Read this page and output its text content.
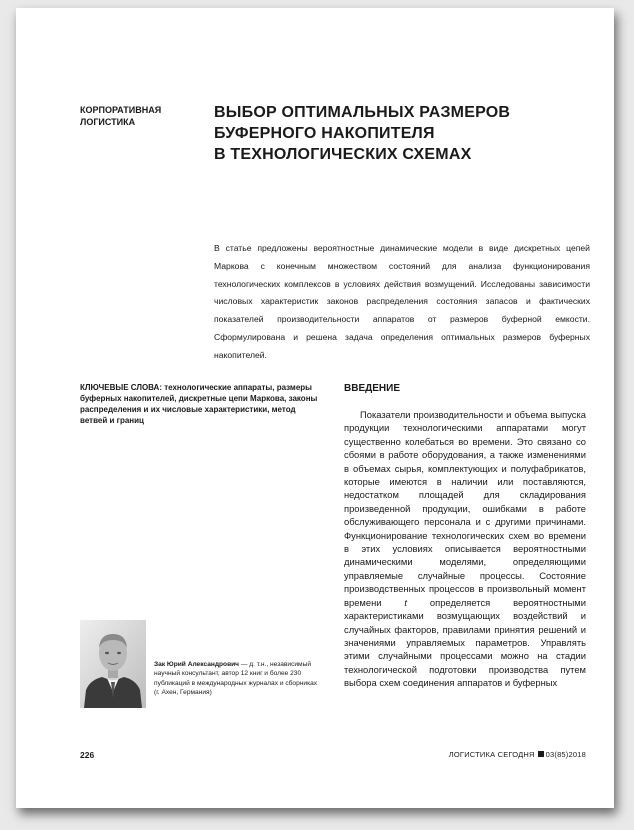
КОРПОРАТИВНАЯ
ЛОГИСТИКА
ВЫБОР ОПТИМАЛЬНЫХ РАЗМЕРОВ
БУФЕРНОГО НАКОПИТЕЛЯ
В ТЕХНОЛОГИЧЕСКИХ СХЕМАХ
В статье предложены вероятностные динамические модели в виде дискретных цепей Маркова с конечным множеством состояний для анализа функционирования технологических комплексов в условиях действия возмущений. Исследованы зависимости числовых характеристик законов распределения состояния запасов и фактических показателей производительности аппаратов от размеров буферной емкости. Сформулирована и решена задача определения оптимальных размеров буферных накопителей.
КЛЮЧЕВЫЕ СЛОВА: технологические аппараты, размеры буферных накопителей, дискретные цепи Маркова, законы распределения и их числовые характеристики, метод ветвей и границ
ВВЕДЕНИЕ

Показатели производительности и объема выпуска продукции технологическими аппаратами могут существенно колебаться во времени. Это связано со сбоями в работе оборудования, а также изменениями в объемах сырья, комплектующих и полуфабрикатов, которые имеются в наличии или поставляются, недостатком площадей для складирования произведенной продукции, ошибками в работе обслуживающего персонала и с другими причинами. Функционирование технологических схем во времени в этих условиях описывается вероятностными динамическими моделями, определяющими управляемые случайные процессы. Состояние производственных процессов в произвольный момент времени t определяется вероятностными характеристиками возмущающих воздействий и случайных факторов, правилами принятия решений и значениями управляемых параметров. Управлять этими случайными процессами можно на стадии технологической подготовки производства путем выбора схем соединения аппаратов и буферных

Зак Юрий Александрович — д. т.н., независимый научный консультант, автор 12 книг и более 230 публикаций в международных журналах и сборниках (г. Ахен, Германия)
226	ЛОГИСТИКА СЕГОДНЯ 03(85)2018
